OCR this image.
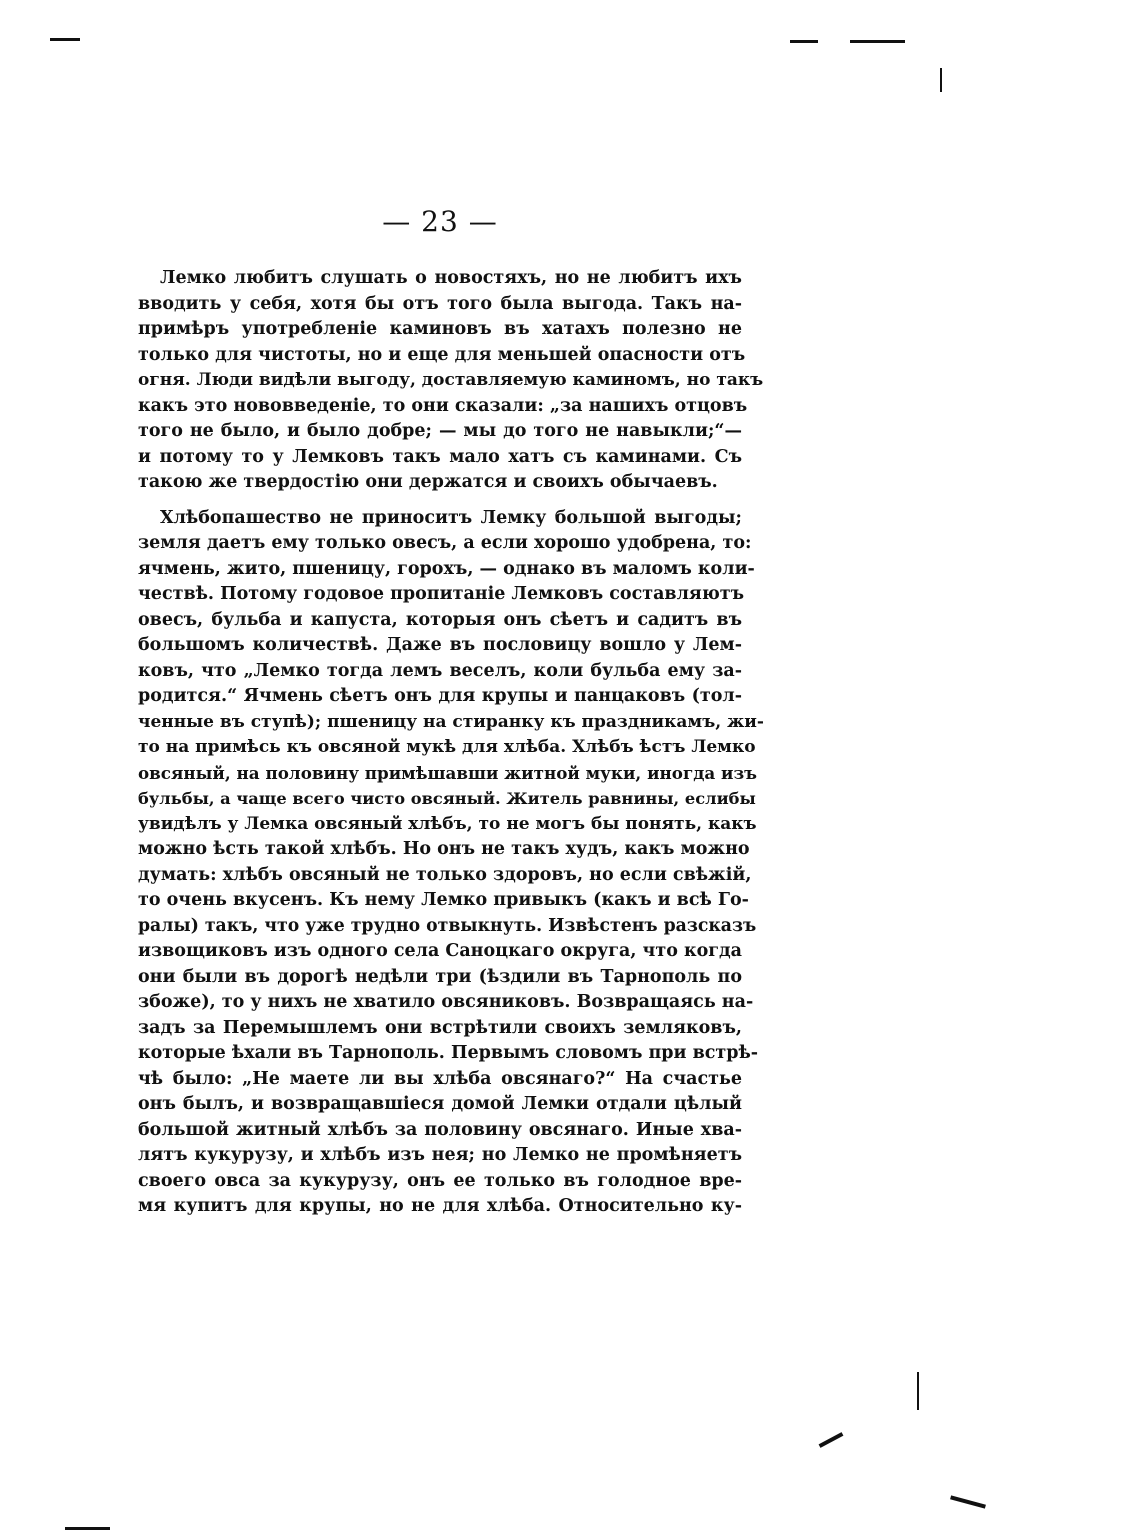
— 23 —
Лемко любитъ слушать о новостяхъ, но не любитъ ихъ
вводить у себя, хотя бы отъ того была выгода. Такъ на-
примѣръ употребленіе каминовъ въ хатахъ полезно не
только для чистоты, но и еще для меньшей опасности отъ
огня. Люди видѣли выгоду, доставляемую каминомъ, но такъ
какъ это нововведеніе, то они сказали: „за нашихъ отцовъ
того не было, и было добре; — мы до того не навыкли;“—
и потому то у Лемковъ такъ мало хатъ съ каминами. Съ
такою же твердостію они держатся и своихъ обычаевъ.
Хлѣбопашество не приноситъ Лемку большой выгоды;
земля даетъ ему только овесъ, а если хорошо удобрена, то:
ячмень, жито, пшеницу, горохъ, — однако въ маломъ коли-
чествѣ. Потому годовое пропитаніе Лемковъ составляютъ
овесъ, бульба и капуста, которыя онъ сѣетъ и садитъ въ
большомъ количествѣ. Даже въ пословицу вошло у Лем-
ковъ, что „Лемко тогда лемъ веселъ, коли бульба ему за-
родится.“ Ячмень сѣетъ онъ для крупы и панцаковъ (тол-
ченные въ ступѣ); пшеницу на стиранку къ праздникамъ, жи-
то на примѣсь къ овсяной мукѣ для хлѣба. Хлѣбъ ѣстъ Лемко
овсяный, на половину примѣшавши житной муки, иногда изъ
бульбы, а чаще всего чисто овсяный. Житель равнины, еслибы
увидѣлъ у Лемка овсяный хлѣбъ, то не могъ бы понять, какъ
можно ѣсть такой хлѣбъ. Но онъ не такъ худъ, какъ можно
думать: хлѣбъ овсяный не только здоровъ, но если свѣжій,
то очень вкусенъ. Къ нему Лемко привыкъ (какъ и всѣ Го-
ралы) такъ, что уже трудно отвыкнуть. Извѣстенъ разсказъ
извощиковъ изъ одного села Саноцкаго округа, что когда
они были въ дорогѣ недѣли три (ѣздили въ Тарнополь по
збоже), то у нихъ не хватило овсяниковъ. Возвращаясь на-
задъ за Перемышлемъ они встрѣтили своихъ земляковъ,
которые ѣхали въ Тарнополь. Первымъ словомъ при встрѣ-
чѣ было: „Не маете ли вы хлѣба овсянаго?“ На счастье
онъ былъ, и возвращавшіеся домой Лемки отдали цѣлый
большой житный хлѣбъ за половину овсянаго. Иные хва-
лятъ кукурузу, и хлѣбъ изъ нея; но Лемко не промѣняетъ
своего овса за кукурузу, онъ ее только въ голодное вре-
мя купитъ для крупы, но не для хлѣба. Относительно ку-
